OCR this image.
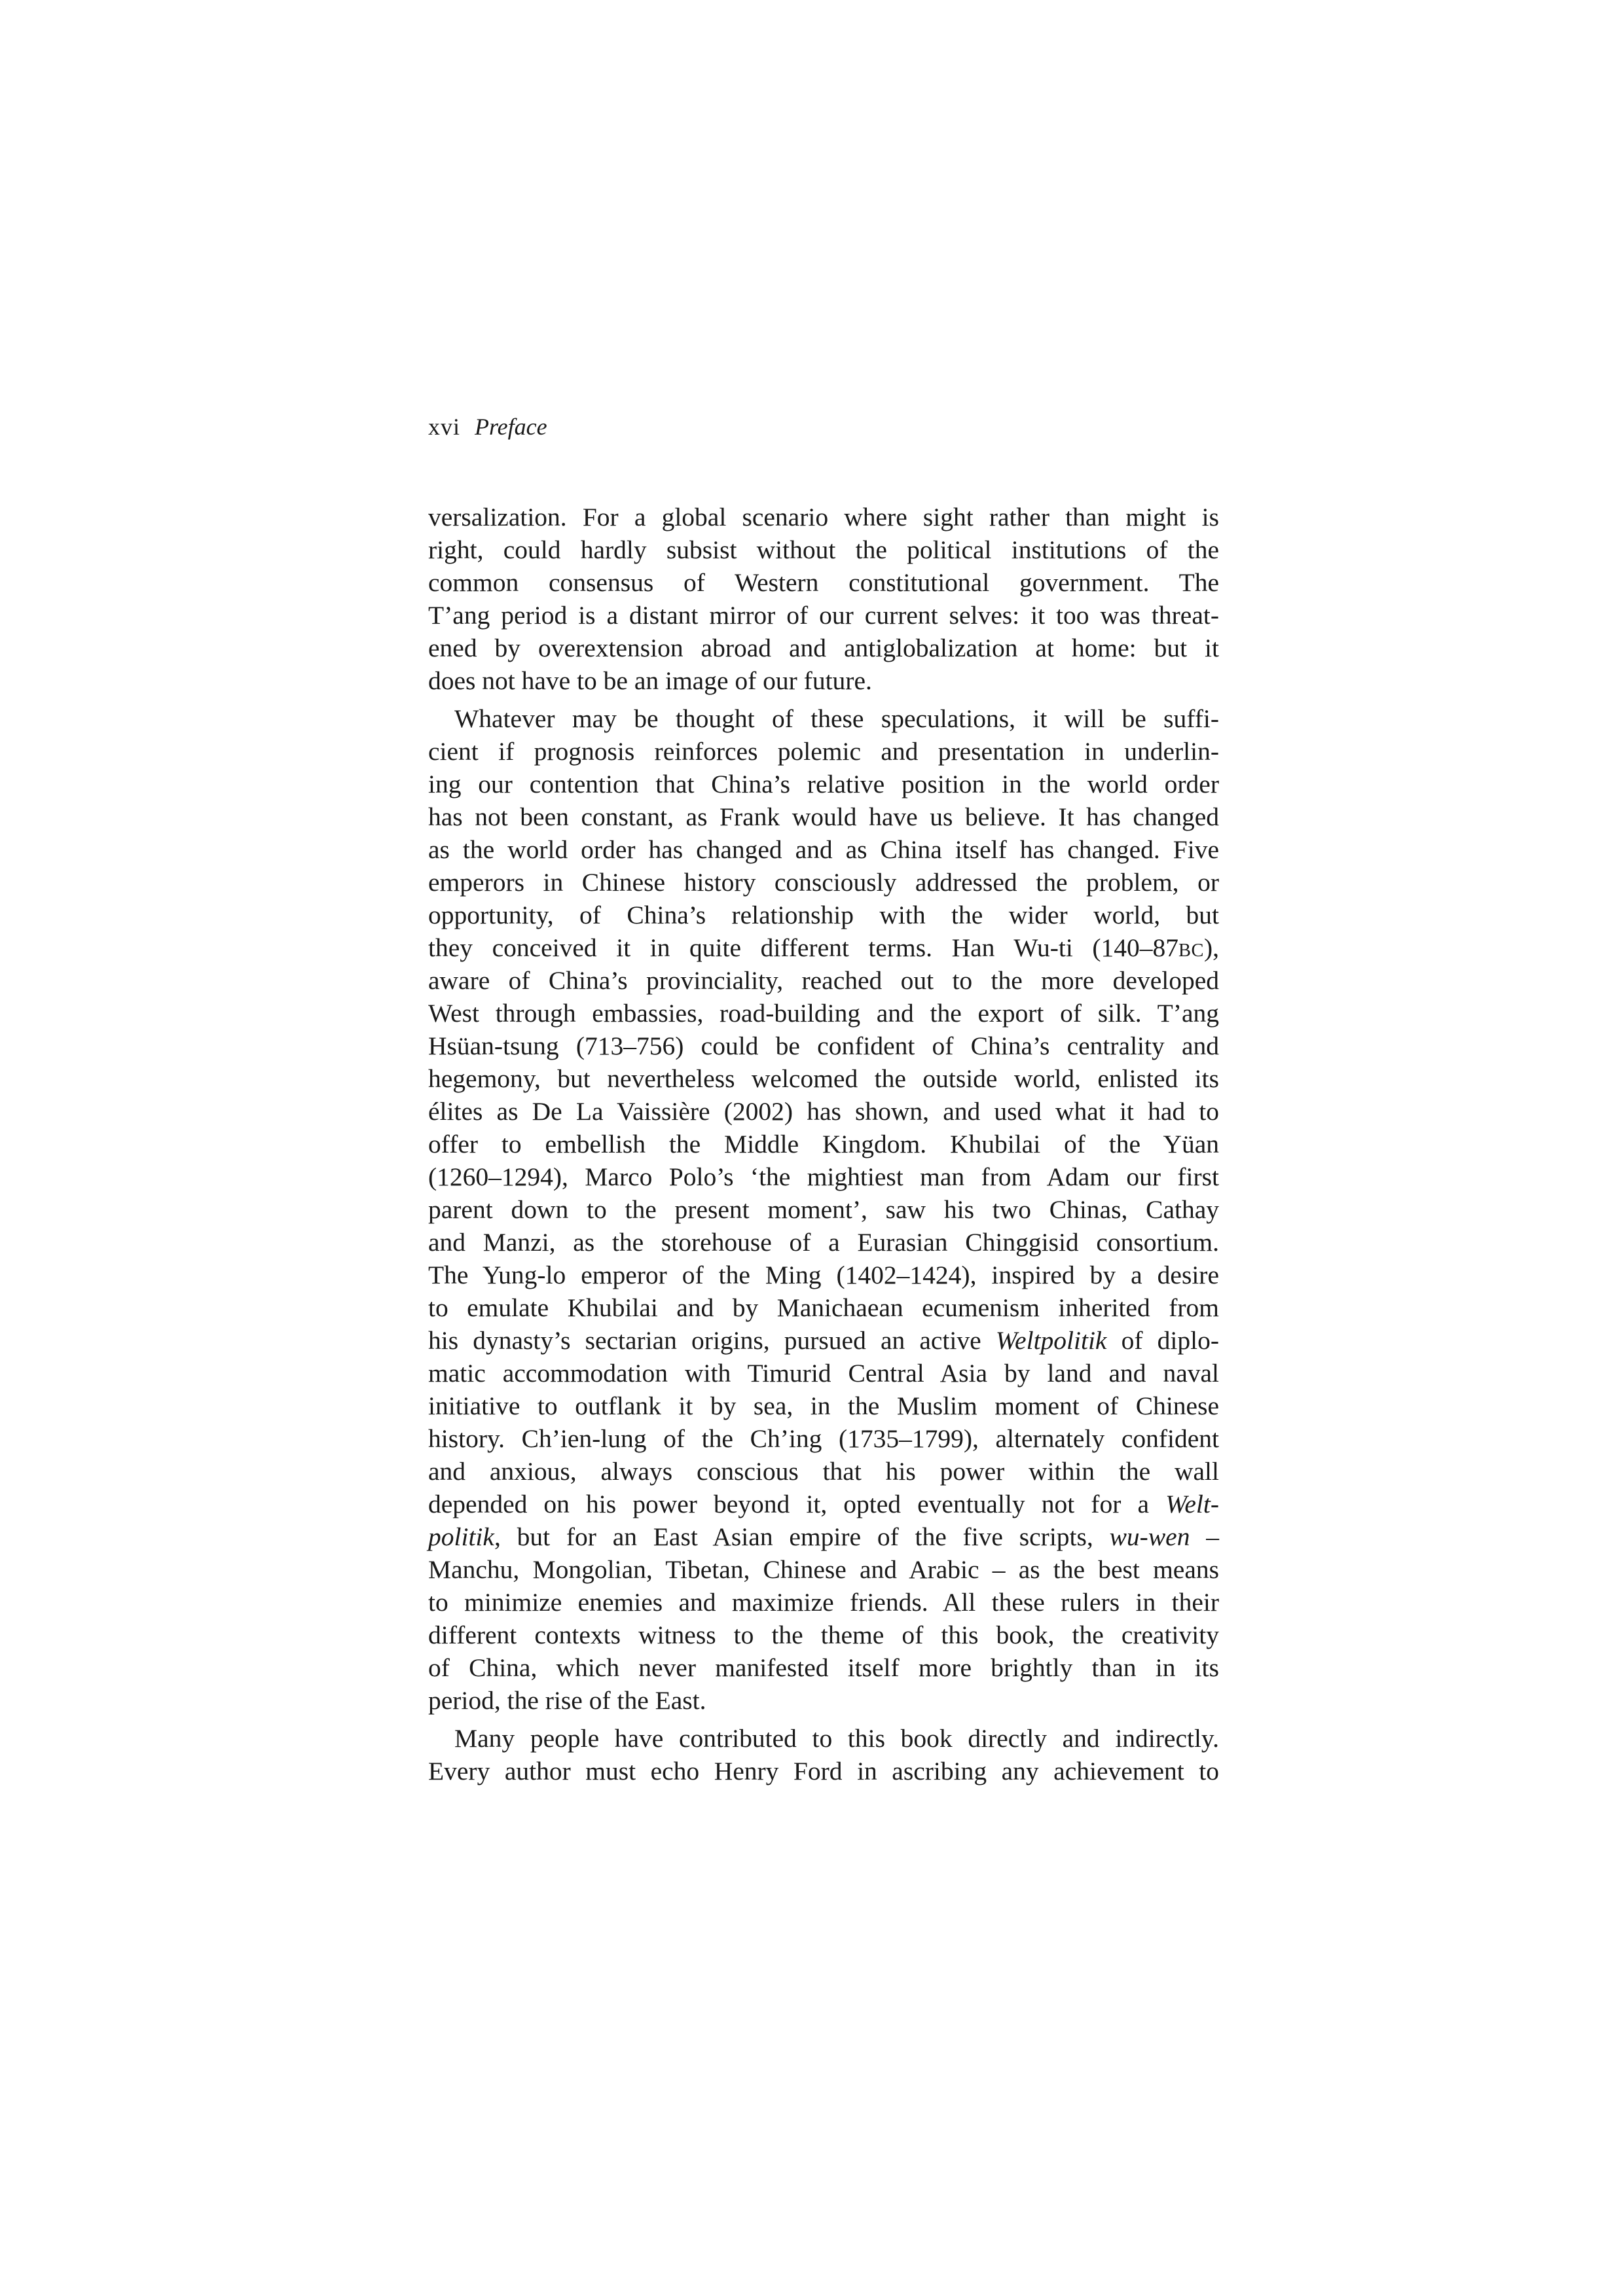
xvi Preface
versalization. For a global scenario where sight rather than might is
right, could hardly subsist without the political institutions of the
common consensus of Western constitutional government. The
T’ang period is a distant mirror of our current selves: it too was threat-
ened by overextension abroad and antiglobalization at home: but it
does not have to be an image of our future.
Whatever may be thought of these speculations, it will be suffi-
cient if prognosis reinforces polemic and presentation in underlin-
ing our contention that China’s relative position in the world order
has not been constant, as Frank would have us believe. It has changed
as the world order has changed and as China itself has changed. Five
emperors in Chinese history consciously addressed the problem, or
opportunity, of China’s relationship with the wider world, but
they conceived it in quite different terms. Han Wu-ti (140–87BC),
aware of China’s provinciality, reached out to the more developed
West through embassies, road-building and the export of silk. T’ang
Hsüan-tsung (713–756) could be confident of China’s centrality and
hegemony, but nevertheless welcomed the outside world, enlisted its
élites as De La Vaissière (2002) has shown, and used what it had to
offer to embellish the Middle Kingdom. Khubilai of the Yüan
(1260–1294), Marco Polo’s ‘the mightiest man from Adam our first
parent down to the present moment’, saw his two Chinas, Cathay
and Manzi, as the storehouse of a Eurasian Chinggisid consortium.
The Yung-lo emperor of the Ming (1402–1424), inspired by a desire
to emulate Khubilai and by Manichaean ecumenism inherited from
his dynasty’s sectarian origins, pursued an active Weltpolitik of diplo-
matic accommodation with Timurid Central Asia by land and naval
initiative to outflank it by sea, in the Muslim moment of Chinese
history. Ch’ien-lung of the Ch’ing (1735–1799), alternately confident
and anxious, always conscious that his power within the wall
depended on his power beyond it, opted eventually not for a Welt-
politik, but for an East Asian empire of the five scripts, wu-wen –
Manchu, Mongolian, Tibetan, Chinese and Arabic – as the best means
to minimize enemies and maximize friends. All these rulers in their
different contexts witness to the theme of this book, the creativity
of China, which never manifested itself more brightly than in its
period, the rise of the East.
Many people have contributed to this book directly and indirectly.
Every author must echo Henry Ford in ascribing any achievement to
